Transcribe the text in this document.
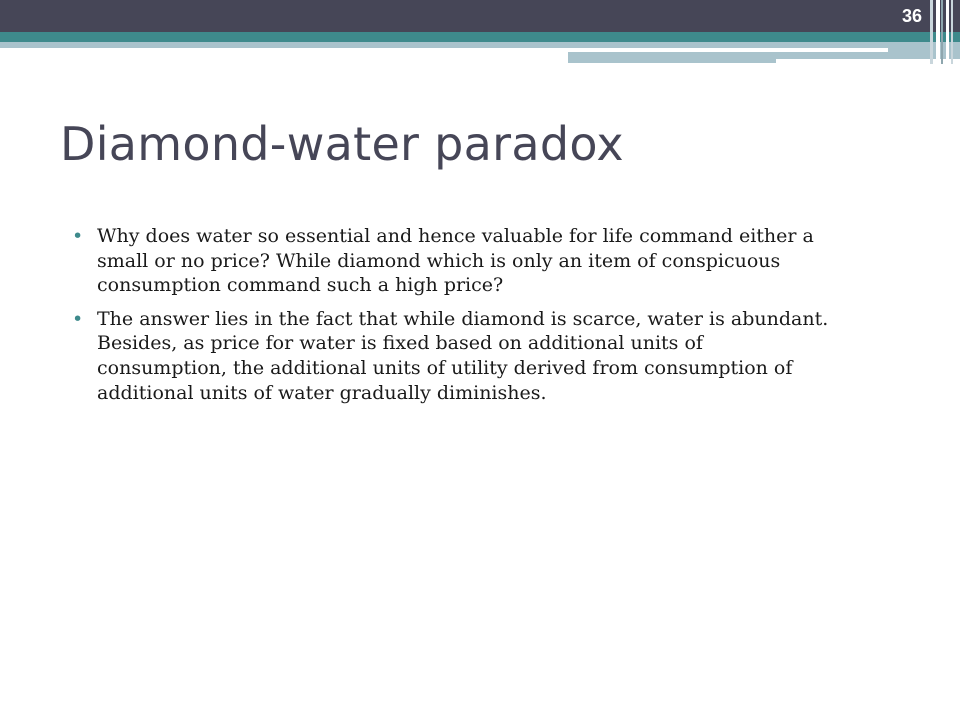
36
Diamond-water paradox
• Why does water so essential and hence valuable for life command either a small or no price? While diamond which is only an item of conspicuous consumption command such a high price?
• The answer lies in the fact that while diamond is scarce, water is abundant. Besides, as price for water is fixed based on additional units of consumption, the additional units of utility derived from consumption of additional units of water gradually diminishes.
